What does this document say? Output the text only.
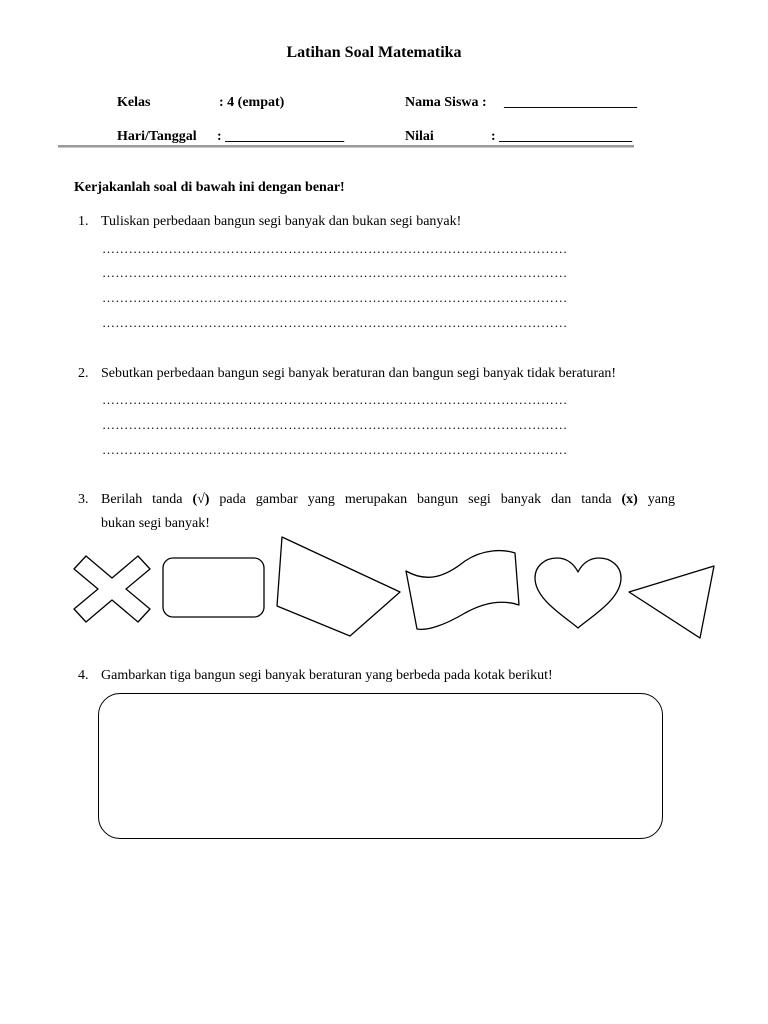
Latihan Soal Matematika
Kelas	: 4 (empat)	Nama Siswa : ___________________
Hari/Tanggal : _________________	Nilai	: ___________________
Kerjakanlah soal di bawah ini dengan benar!
1. Tuliskan perbedaan bangun segi banyak dan bukan segi banyak!
……………………………………………………………………………………………
……………………………………………………………………………………………
……………………………………………………………………………………………
……………………………………………………………………………………………
2. Sebutkan perbedaan bangun segi banyak beraturan dan bangun segi banyak tidak beraturan!
……………………………………………………………………………………………
……………………………………………………………………………………………
……………………………………………………………………………………………
3. Berilah tanda (√) pada gambar yang merupakan bangun segi banyak dan tanda (x) yang
bukan segi banyak!
4. Gambarkan tiga bangun segi banyak beraturan yang berbeda pada kotak berikut!
